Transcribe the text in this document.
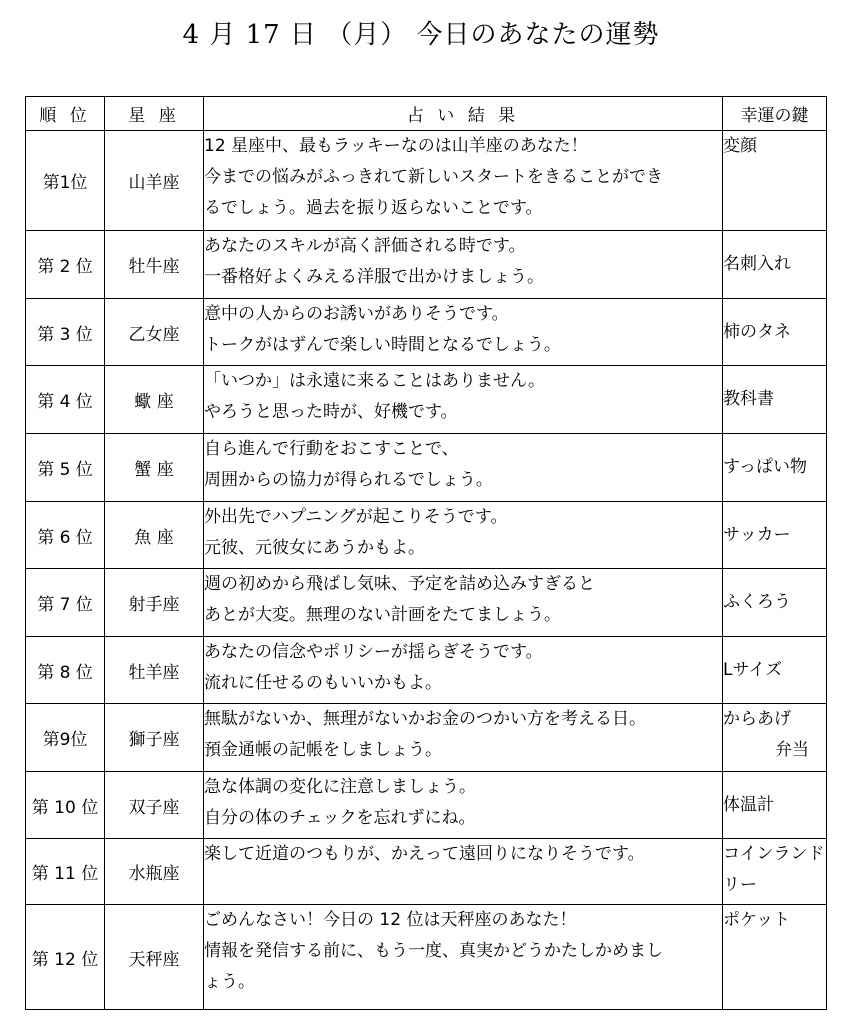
4 月 17 日 （月） 今日のあなたの運勢
順 位	星 座	占 い 結 果	幸運の鍵
第1位	山羊座	12 星座中、最もラッキーなのは山羊座のあなた！
今までの悩みがふっきれて新しいスタートをきることができ
るでしょう。過去を振り返らないことです。	変顔

第 2 位	牡牛座	あなたのスキルが高く評価される時です。
一番格好よくみえる洋服で出かけましょう。	名刺入れ

第 3 位	乙女座	意中の人からのお誘いがありそうです。
トークがはずんで楽しい時間となるでしょう。	柿のタネ

第 4 位	蠍 座	「いつか」は永遠に来ることはありません。
やろうと思った時が、好機です。	教科書

第 5 位	蟹 座	自ら進んで行動をおこすことで、
周囲からの協力が得られるでしょう。	すっぱい物

第 6 位	魚 座	外出先でハプニングが起こりそうです。
元彼、元彼女にあうかもよ。	サッカー

第 7 位	射手座	週の初めから飛ばし気味、予定を詰め込みすぎると
あとが大変。無理のない計画をたてましょう。	ふくろう

第 8 位	牡羊座	あなたの信念やポリシーが揺らぎそうです。
流れに任せるのもいいかもよ。	Lサイズ

第9位	獅子座	無駄がないか、無理がないかお金のつかい方を考える日。
預金通帳の記帳をしましょう。	からあげ
弁当

第 10 位	双子座	急な体調の変化に注意しましょう。
自分の体のチェックを忘れずにね。	体温計

第 11 位	水瓶座	楽して近道のつもりが、かえって遠回りになりそうです。	コインランド
リー

第 12 位	天秤座	ごめんなさい！今日の 12 位は天秤座のあなた！
情報を発信する前に、もう一度、真実かどうかたしかめまし
ょう。	ポケット
